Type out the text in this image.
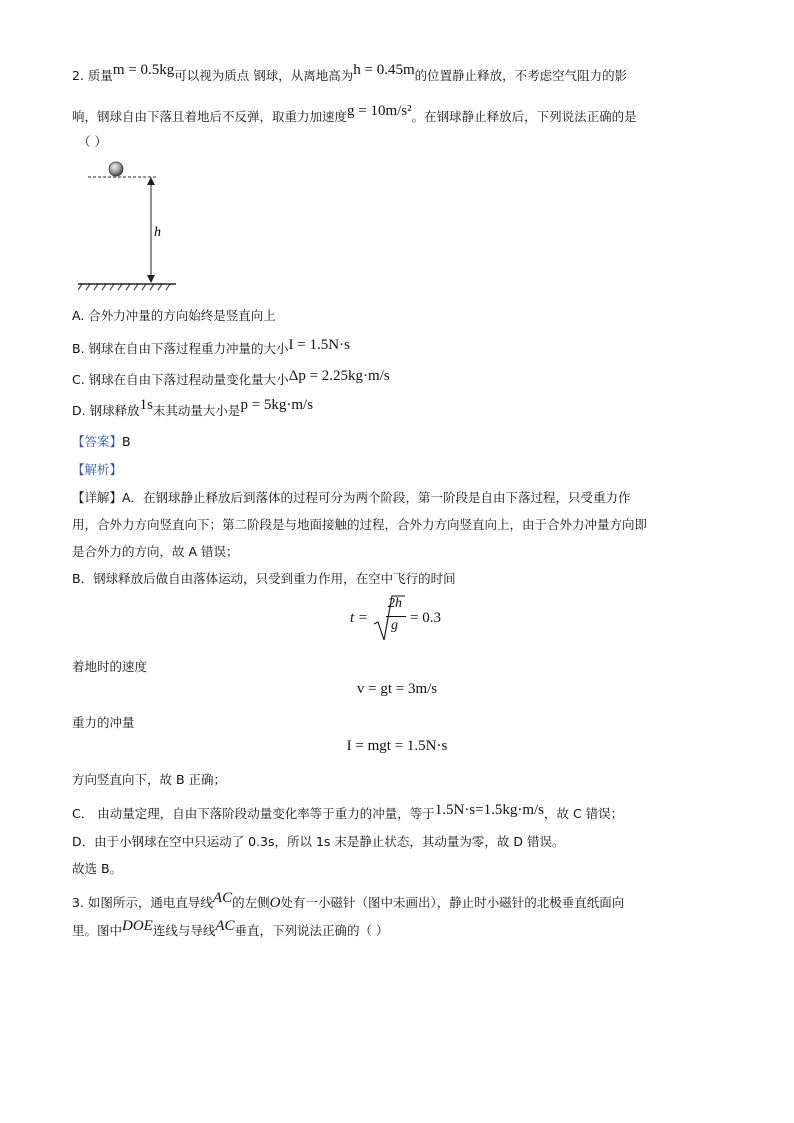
2. 质量m = 0.5kg可以视为质点 钢球，从离地高为h = 0.45m的位置静止释放，不考虑空气阻力的影
响，钢球自由下落且着地后不反弹，取重力加速度g = 10m/s²。在钢球静止释放后，下列说法正确的是
（ ）
h
A. 合外力冲量的方向始终是竖直向上
B. 钢球在自由下落过程重力冲量的大小I = 1.5N·s
C. 钢球在自由下落过程动量变化量大小Δp = 2.25kg·m/s
D. 钢球释放1s末其动量大小是p = 5kg·m/s
【答案】B
【解析】
【详解】A．在钢球静止释放后到落体的过程可分为两个阶段，第一阶段是自由下落过程，只受重力作
用，合外力方向竖直向下；第二阶段是与地面接触的过程，合外力方向竖直向上，由于合外力冲量方向即
是合外力的方向，故 A 错误；
B．钢球释放后做自由落体运动，只受到重力作用，在空中飞行的时间
t =
2h
g = 0.3
着地时的速度
v = gt = 3m/s
重力的冲量
I = mgt = 1.5N·s
方向竖直向下，故 B 正确；
C． 由动量定理，自由下落阶段动量变化率等于重力的冲量，等于1.5N·s=1.5kg·m/s，故 C 错误；
D．由于小钢球在空中只运动了 0.3s，所以 1s 末是静止状态，其动量为零，故 D 错误。
故选 B。
3. 如图所示，通电直导线AC的左侧O处有一小磁针（图中未画出），静止时小磁针的北极垂直纸面向
里。图中DOE连线与导线AC垂直，下列说法正确的（ ）
